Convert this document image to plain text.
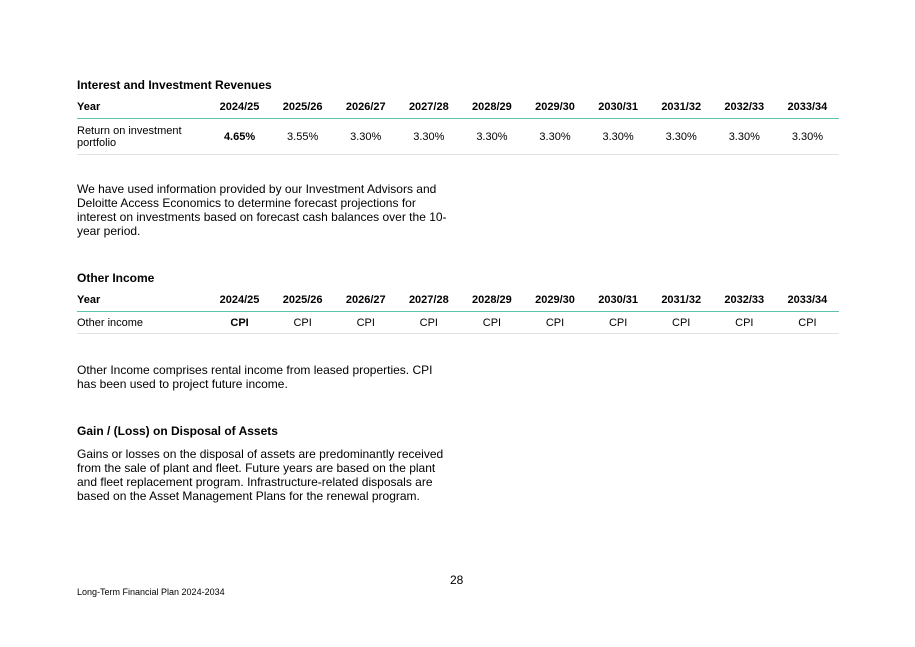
Interest and Investment Revenues
Year	2024/25	2025/26	2026/27	2027/28	2028/29	2029/30	2030/31	2031/32	2032/33	2033/34
Return on investment portfolio	4.65%	3.55%	3.30%	3.30%	3.30%	3.30%	3.30%	3.30%	3.30%	3.30%
We have used information provided by our Investment Advisors and Deloitte Access Economics to determine forecast projections for interest on investments based on forecast cash balances over the 10-year period.
Other Income
Year	2024/25	2025/26	2026/27	2027/28	2028/29	2029/30	2030/31	2031/32	2032/33	2033/34
Other income	CPI	CPI	CPI	CPI	CPI	CPI	CPI	CPI	CPI	CPI
Other Income comprises rental income from leased properties. CPI has been used to project future income.
Gain / (Loss) on Disposal of Assets
Gains or losses on the disposal of assets are predominantly received from the sale of plant and fleet. Future years are based on the plant and fleet replacement program. Infrastructure-related disposals are based on the Asset Management Plans for the renewal program.
28
Long-Term Financial Plan 2024-2034
